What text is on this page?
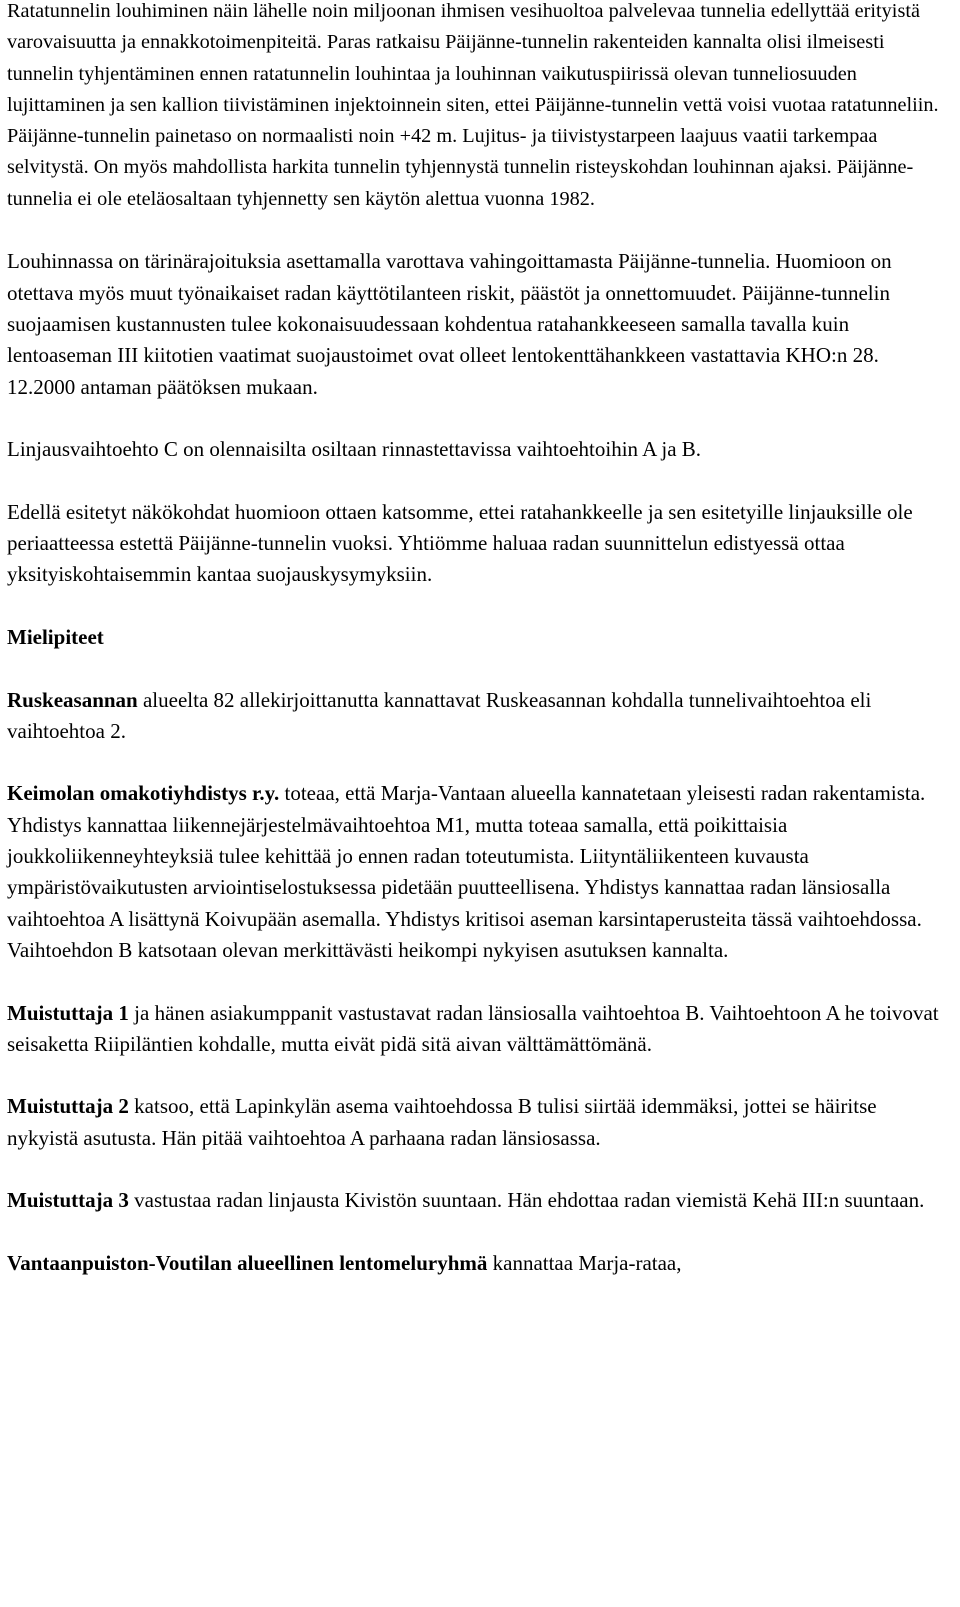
Ratatunnelin louhiminen näin lähelle noin miljoonan ihmisen vesihuoltoa palvelevaa tunnelia edellyttää erityistä varovaisuutta ja ennakkotoimenpiteitä. Paras ratkaisu Päijänne-tunnelin rakenteiden kannalta olisi ilmeisesti tunnelin tyhjentäminen ennen ratatunnelin louhintaa ja louhinnan vaikutuspiirissä olevan tunneliosuuden lujittaminen ja sen kallion tiivistäminen injektoinnein siten, ettei Päijänne-tunnelin vettä voisi vuotaa ratatunneliin. Päijänne-tunnelin painetaso on normaalisti noin +42 m. Lujitus- ja tiivistystarpeen laajuus vaatii tarkempaa selvitystä. On myös mahdollista harkita tunnelin tyhjennystä tunnelin risteyskohdan louhinnan ajaksi. Päijänne-tunnelia ei ole eteläosaltaan tyhjennetty sen käytön alettua vuonna 1982.

Louhinnassa on tärinärajoituksia asettamalla varottava vahingoittamasta Päijänne-tunnelia. Huomioon on otettava myös muut työnaikaiset radan käyttötilanteen riskit, päästöt ja onnettomuudet. Päijänne-tunnelin suojaamisen kustannusten tulee kokonaisuudessaan kohdentua ratahankkeeseen samalla tavalla kuin lentoaseman III kiitotien vaatimat suojaustoimet ovat olleet lentokenttähankkeen vastattavia KHO:n 28. 12.2000 antaman päätöksen mukaan.

Linjausvaihtoehto C on olennaisilta osiltaan rinnastettavissa vaihtoehtoihin A ja B.

Edellä esitetyt näkökohdat huomioon ottaen katsomme, ettei ratahankkeelle ja sen esitetyille linjauksille ole periaatteessa estettä Päijänne-tunnelin vuoksi. Yhtiömme haluaa radan suunnittelun edistyessä ottaa yksityiskohtaisemmin kantaa suojauskysymyksiin.

Mielipiteet

Ruskeasannan alueelta 82 allekirjoittanutta kannattavat Ruskeasannan kohdalla tunnelivaihtoehtoa eli vaihtoehtoa 2.

Keimolan omakotiyhdistys r.y. toteaa, että Marja-Vantaan alueella kannatetaan yleisesti radan rakentamista. Yhdistys kannattaa liikennejärjestelmävaihtoehtoa M1, mutta toteaa samalla, että poikittaisia joukkoliikenneyhteyksiä tulee kehittää jo ennen radan toteutumista. Liityntäliikenteen kuvausta ympäristövaikutusten arviointiselostuksessa pidetään puutteellisena. Yhdistys kannattaa radan länsiosalla vaihtoehtoa A lisättynä Koivupään asemalla. Yhdistys kritisoi aseman karsintaperusteita tässä vaihtoehdossa. Vaihtoehdon B katsotaan olevan merkittävästi heikompi nykyisen asutuksen kannalta.

Muistuttaja 1 ja hänen asiakumppanit vastustavat radan länsiosalla vaihtoehtoa B. Vaihtoehtoon A he toivovat seisaketta Riipiläntien kohdalle, mutta eivät pidä sitä aivan välttämättömänä.

Muistuttaja 2 katsoo, että Lapinkylän asema vaihtoehdossa B tulisi siirtää idemmäksi, jottei se häiritse nykyistä asutusta. Hän pitää vaihtoehtoa A parhaana radan länsiosassa.

Muistuttaja 3 vastustaa radan linjausta Kivistön suuntaan. Hän ehdottaa radan viemistä Kehä III:n suuntaan.

Vantaanpuiston-Voutilan alueellinen lentomeluryhmä kannattaa Marja-rataa,
